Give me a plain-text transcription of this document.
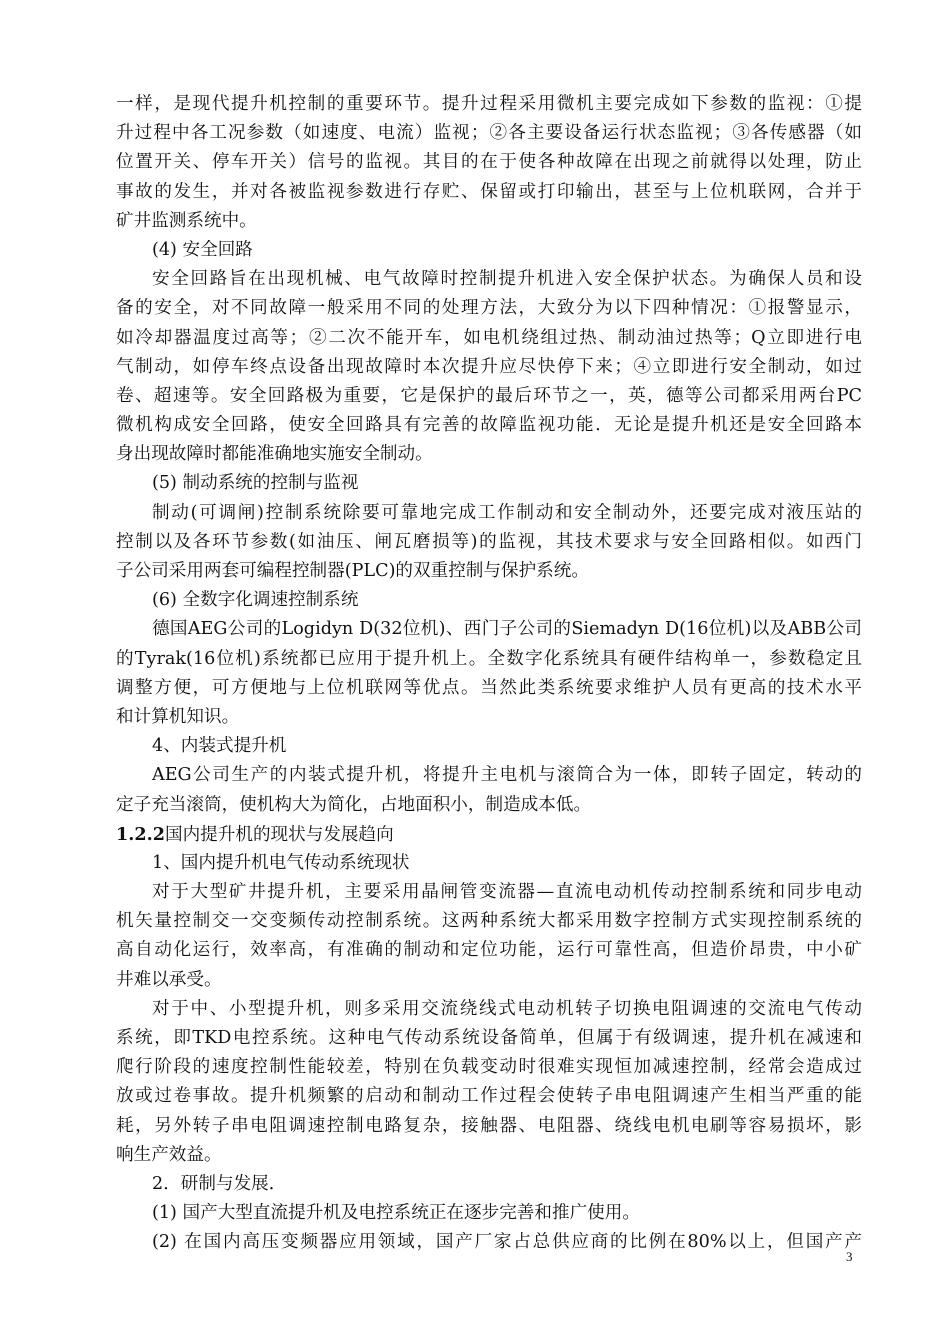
一样，是现代提升机控制的重要环节。提升过程采用微机主要完成如下参数的监视：①提
升过程中各工况参数（如速度、电流）监视；②各主要设备运行状态监视；③各传感器（如
位置开关、停车开关）信号的监视。其目的在于使各种故障在出现之前就得以处理，防止
事故的发生，并对各被监视参数进行存贮、保留或打印输出，甚至与上位机联网，合并于
矿井监测系统中。
(4) 安全回路
安全回路旨在出现机械、电气故障时控制提升机进入安全保护状态。为确保人员和设
备的安全，对不同故障一般采用不同的处理方法，大致分为以下四种情况：①报警显示，
如冷却器温度过高等；②二次不能开车，如电机绕组过热、制动油过热等；Q立即进行电
气制动，如停车终点设备出现故障时本次提升应尽快停下来；④立即进行安全制动，如过
卷、超速等。安全回路极为重要，它是保护的最后环节之一，英，德等公司都采用两台PC
微机构成安全回路，使安全回路具有完善的故障监视功能．无论是提升机还是安全回路本
身出现故障时都能准确地实施安全制动。
(5) 制动系统的控制与监视
制动(可调闸)控制系统除要可靠地完成工作制动和安全制动外，还要完成对液压站的
控制以及各环节参数(如油压、闸瓦磨损等)的监视，其技术要求与安全回路相似。如西门
子公司采用两套可编程控制器(PLC)的双重控制与保护系统。
(6) 全数字化调速控制系统
德国AEG公司的Logidyn D(32位机)、西门子公司的Siemadyn D(16位机)以及ABB公司
的Tyrak(16位机)系统都已应用于提升机上。全数字化系统具有硬件结构单一，参数稳定且
调整方便，可方便地与上位机联网等优点。当然此类系统要求维护人员有更高的技术水平
和计算机知识。
4、内装式提升机
AEG公司生产的内装式提升机，将提升主电机与滚筒合为一体，即转子固定，转动的
定子充当滚筒，使机构大为简化，占地面积小，制造成本低。
1.2.2国内提升机的现状与发展趋向
1、国内提升机电气传动系统现状
对于大型矿井提升机，主要采用晶闸管变流器—直流电动机传动控制系统和同步电动
机矢量控制交一交变频传动控制系统。这两种系统大都采用数字控制方式实现控制系统的
高自动化运行，效率高，有准确的制动和定位功能，运行可靠性高，但造价昂贵，中小矿
井难以承受。
对于中、小型提升机，则多采用交流绕线式电动机转子切换电阻调速的交流电气传动
系统，即TKD电控系统。这种电气传动系统设备简单，但属于有级调速，提升机在减速和
爬行阶段的速度控制性能较差，特别在负载变动时很难实现恒加减速控制，经常会造成过
放或过卷事故。提升机频繁的启动和制动工作过程会使转子串电阻调速产生相当严重的能
耗，另外转子串电阻调速控制电路复杂，接触器、电阻器、绕线电机电刷等容易损坏，影
响生产效益。
2．研制与发展．
(1) 国产大型直流提升机及电控系统正在逐步完善和推广使用。
(2) 在国内高压变频器应用领域，国产厂家占总供应商的比例在80%以上，但国产产
3
